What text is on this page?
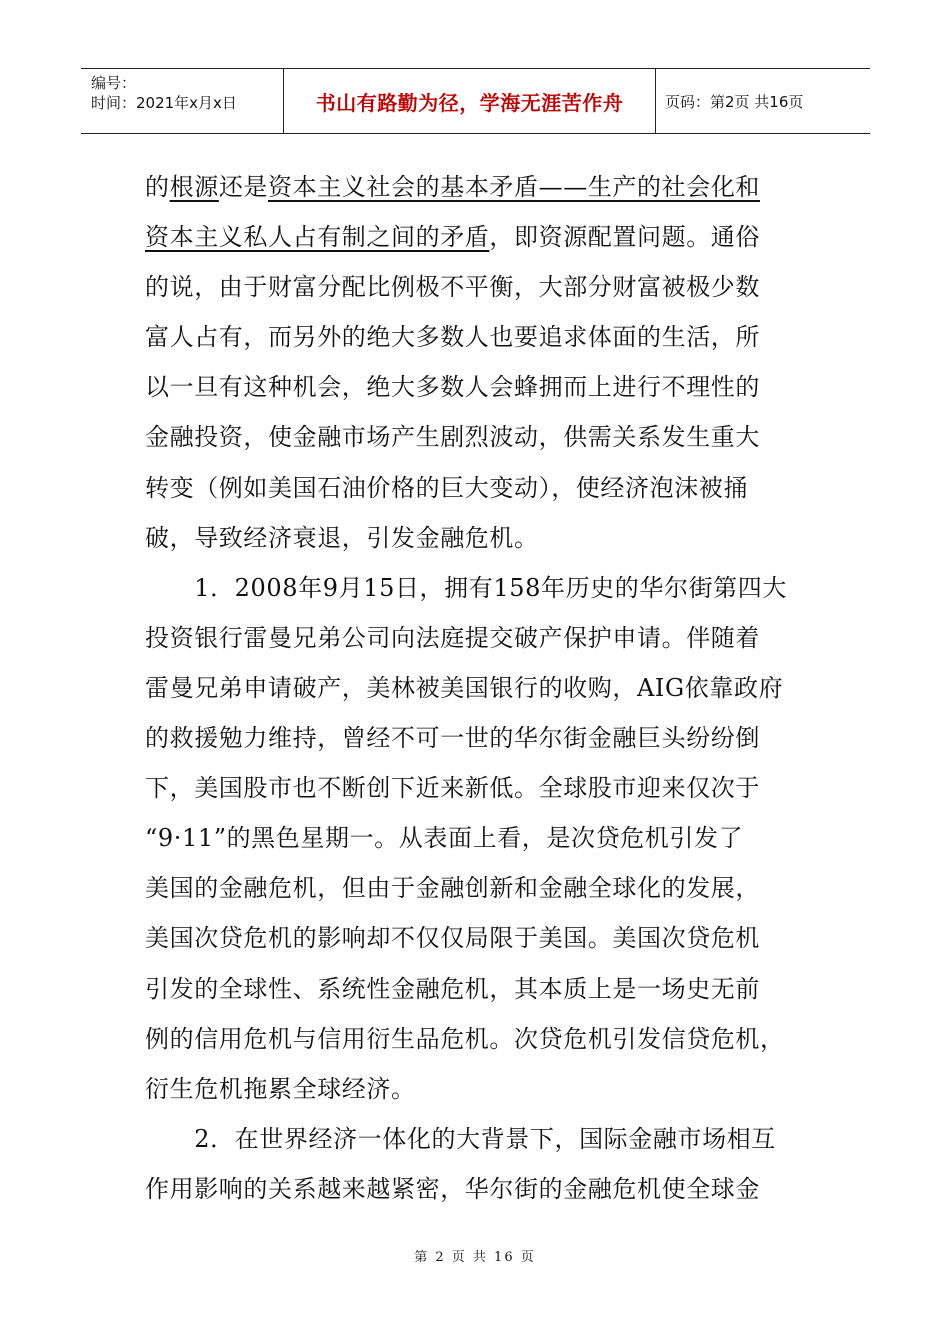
编号：
时间：2021年x月x日	书山有路勤为径，学海无涯苦作舟	页码：第2页 共16页
的根源还是资本主义社会的基本矛盾——生产的社会化和
资本主义私人占有制之间的矛盾，即资源配置问题。通俗
的说，由于财富分配比例极不平衡，大部分财富被极少数
富人占有，而另外的绝大多数人也要追求体面的生活，所
以一旦有这种机会，绝大多数人会蜂拥而上进行不理性的
金融投资，使金融市场产生剧烈波动，供需关系发生重大
转变（例如美国石油价格的巨大变动），使经济泡沫被捅
破，导致经济衰退，引发金融危机。
　　1．2008年9月15日，拥有158年历史的华尔街第四大
投资银行雷曼兄弟公司向法庭提交破产保护申请。伴随着
雷曼兄弟申请破产，美林被美国银行的收购，AIG依靠政府
的救援勉力维持，曾经不可一世的华尔街金融巨头纷纷倒
下，美国股市也不断创下近来新低。全球股市迎来仅次于
“9·11”的黑色星期一。从表面上看，是次贷危机引发了
美国的金融危机，但由于金融创新和金融全球化的发展，
美国次贷危机的影响却不仅仅局限于美国。美国次贷危机
引发的全球性、系统性金融危机，其本质上是一场史无前
例的信用危机与信用衍生品危机。次贷危机引发信贷危机，
衍生危机拖累全球经济。
　　2．在世界经济一体化的大背景下，国际金融市场相互
作用影响的关系越来越紧密，华尔街的金融危机使全球金
第 2 页 共 16 页
